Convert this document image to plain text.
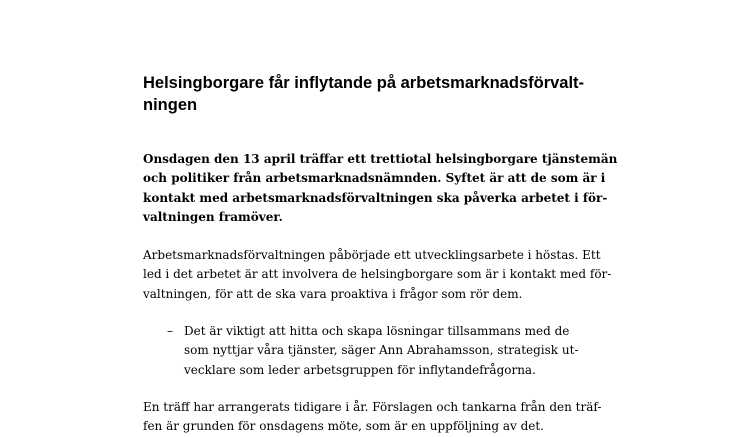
Helsingborgare får inflytande på arbetsmarknadsförvalt-
ningen

Onsdagen den 13 april träffar ett trettiotal helsingborgare tjänstemän
och politiker från arbetsmarknadsnämnden. Syftet är att de som är i
kontakt med arbetsmarknadsförvaltningen ska påverka arbetet i för-
valtningen framöver.

Arbetsmarknadsförvaltningen påbörjade ett utvecklingsarbete i höstas. Ett
led i det arbetet är att involvera de helsingborgare som är i kontakt med för-
valtningen, för att de ska vara proaktiva i frågor som rör dem.

– Det är viktigt att hitta och skapa lösningar tillsammans med de
som nyttjar våra tjänster, säger Ann Abrahamsson, strategisk ut-
vecklare som leder arbetsgruppen för inflytandefrågorna.

En träff har arrangerats tidigare i år. Förslagen och tankarna från den träf-
fen är grunden för onsdagens möte, som är en uppföljning av det.
